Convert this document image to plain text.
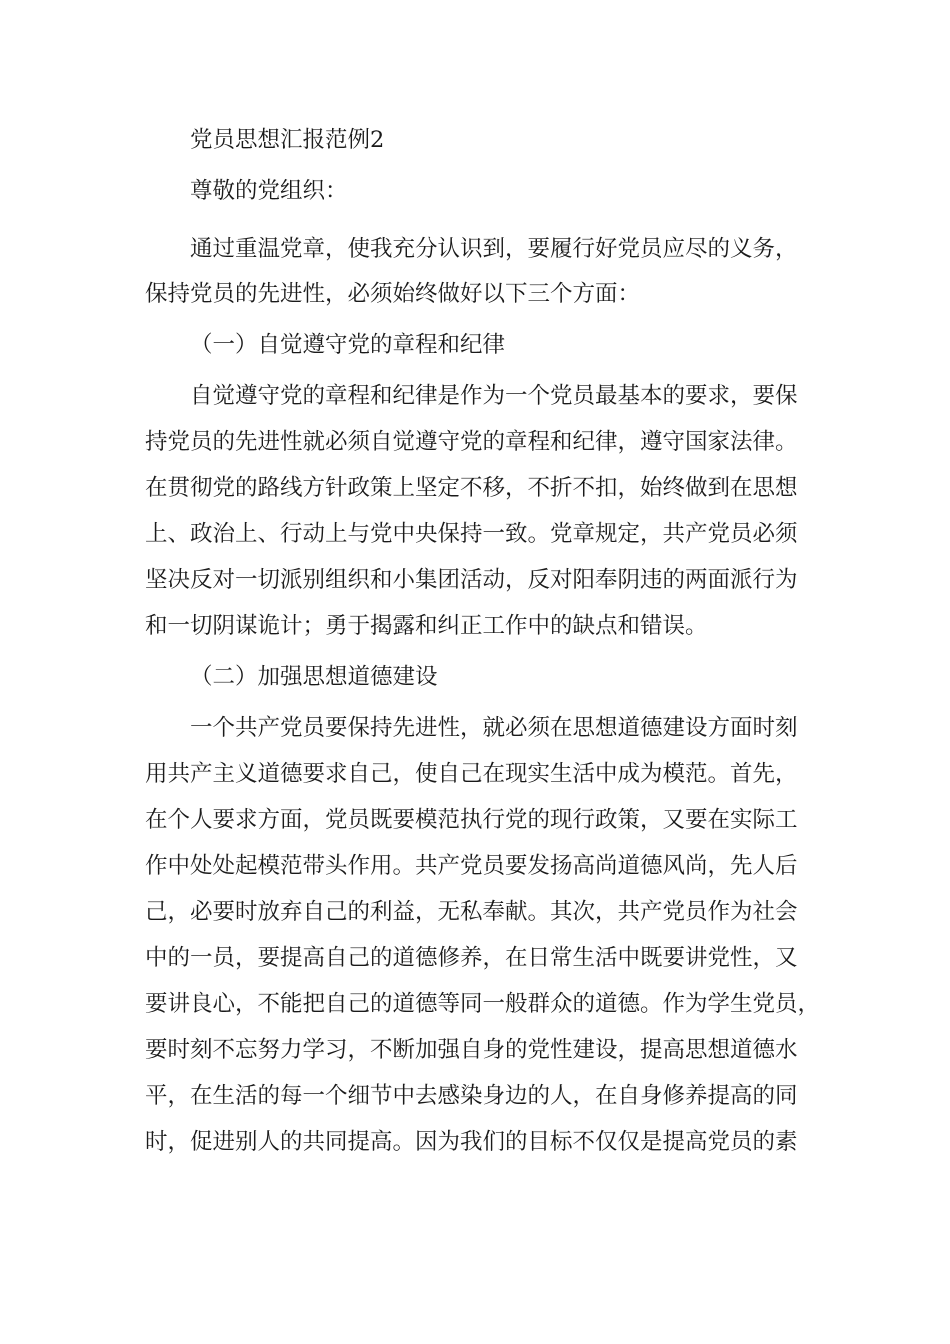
党员思想汇报范例2

尊敬的党组织：

通过重温党章，使我充分认识到，要履行好党员应尽的义务，

保持党员的先进性，必须始终做好以下三个方面：

（一）自觉遵守党的章程和纪律

自觉遵守党的章程和纪律是作为一个党员最基本的要求，要保

持党员的先进性就必须自觉遵守党的章程和纪律，遵守国家法律。

在贯彻党的路线方针政策上坚定不移，不折不扣，始终做到在思想

上、政治上、行动上与党中央保持一致。党章规定，共产党员必须

坚决反对一切派别组织和小集团活动，反对阳奉阴违的两面派行为

和一切阴谋诡计；勇于揭露和纠正工作中的缺点和错误。

（二）加强思想道德建设

一个共产党员要保持先进性，就必须在思想道德建设方面时刻

用共产主义道德要求自己，使自己在现实生活中成为模范。首先，

在个人要求方面，党员既要模范执行党的现行政策，又要在实际工

作中处处起模范带头作用。共产党员要发扬高尚道德风尚，先人后

己，必要时放弃自己的利益，无私奉献。其次，共产党员作为社会

中的一员，要提高自己的道德修养，在日常生活中既要讲党性，又

要讲良心，不能把自己的道德等同一般群众的道德。作为学生党员，

要时刻不忘努力学习，不断加强自身的党性建设，提高思想道德水

平，在生活的每一个细节中去感染身边的人，在自身修养提高的同

时，促进别人的共同提高。因为我们的目标不仅仅是提高党员的素
